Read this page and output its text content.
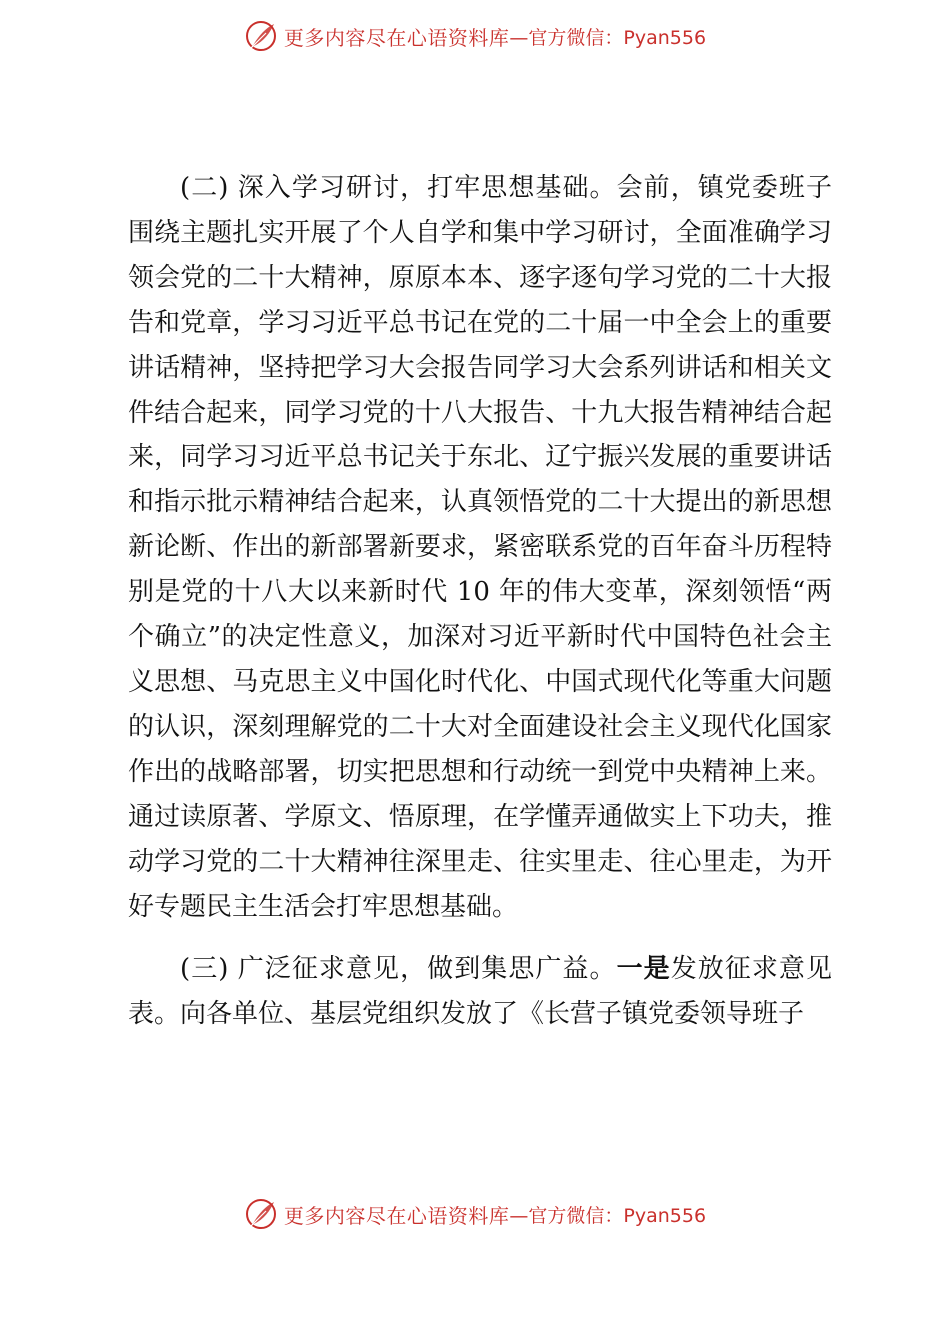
更多内容尽在心语资料库 —官方微信：Pyan556

(二) 深入学习研讨，打牢思想基础。会前，镇党委班子围绕主题扎实开展了个人自学和集中学习研讨，全面准确学习领会党的二十大精神，原原本本、逐字逐句学习党的二十大报告和党章，学习习近平总书记在党的二十届一中全会上的重要讲话精神，坚持把学习大会报告同学习大会系列讲话和相关文件结合起来，同学习党的十八大报告、十九大报告精神结合起来，同学习习近平总书记关于东北、辽宁振兴发展的重要讲话和指示批示精神结合起来，认真领悟党的二十大提出的新思想新论断、作出的新部署新要求，紧密联系党的百年奋斗历程特别是党的十八大以来新时代 10 年的伟大变革，深刻领悟“两个确立”的决定性意义，加深对习近平新时代中国特色社会主义思想、马克思主义中国化时代化、中国式现代化等重大问题的认识，深刻理解党的二十大对全面建设社会主义现代化国家作出的战略部署，切实把思想和行动统一到党中央精神上来。通过读原著、学原文、悟原理，在学懂弄通做实上下功夫，推动学习党的二十大精神往深里走、往实里走、往心里走，为开好专题民主生活会打牢思想基础。

(三) 广泛征求意见，做到集思广益。一是发放征求意见表。向各单位、基层党组织发放了《长营子镇党委领导班子

更多内容尽在心语资料库 —官方微信：Pyan556
